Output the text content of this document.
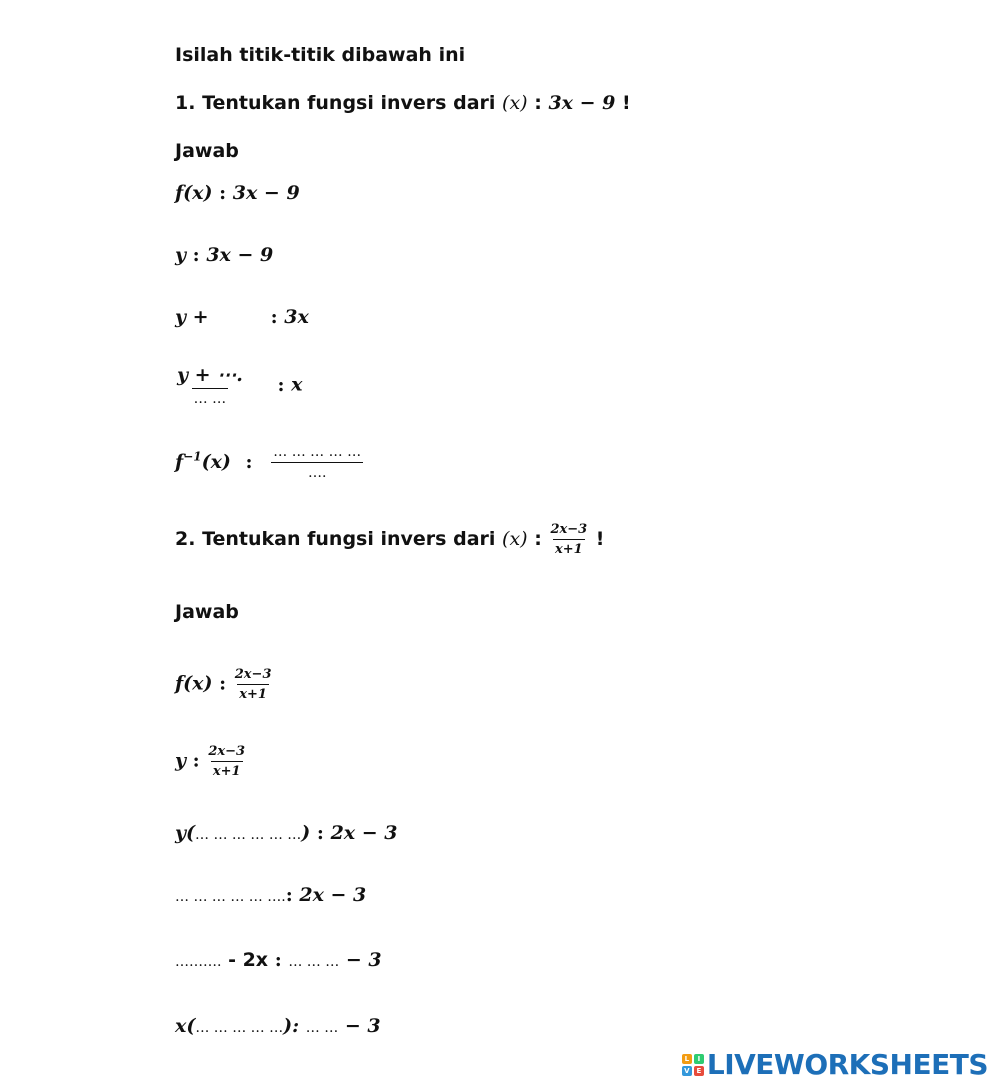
Isilah titik-titik dibawah ini
1. Tentukan fungsi invers dari (x) : 3x − 9 !
Jawab
f(x) : 3x − 9
y : 3x − 9
y +	: 3x
$\frac{y + \cdots.}{\dots \dots}$ : x
$f^{-1}(x)$ : $\frac{\dots \dots \dots \dots \dots}{\dots.}$
2. Tentukan fungsi invers dari (x) : $\frac{2x-3}{x+1}$ !
Jawab
f(x) : $\frac{2x-3}{x+1}$
y : $\frac{2x-3}{x+1}$
y(… … … … … …) : 2x − 3
… … … … … ….: 2x − 3
………. - 2x : … … … − 3
x(… … … … …): … … − 3
L	I
V E LIVEWORKSHEETS
